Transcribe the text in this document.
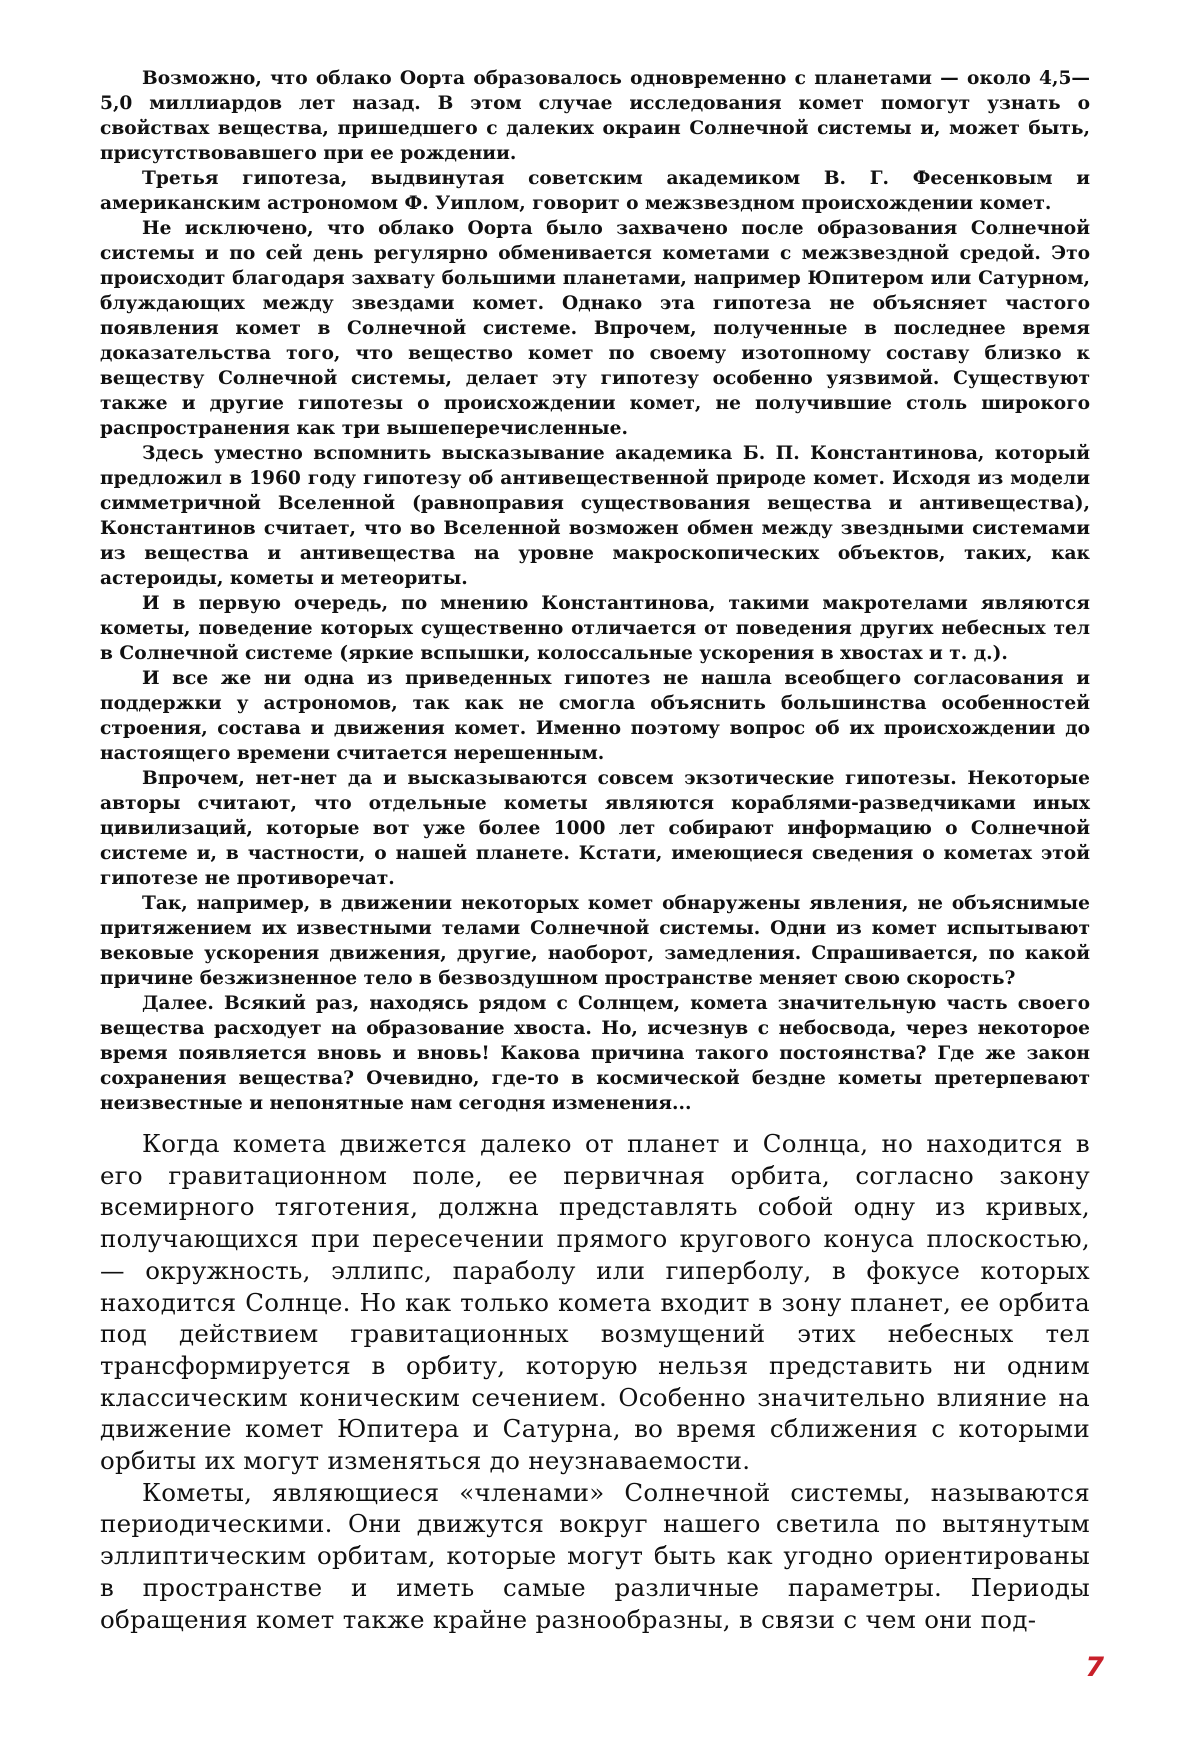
Возможно, что облако Оорта образовалось одновременно с планетами — около 4,5—5,0 миллиардов лет назад. В этом случае исследования комет помогут узнать о свойствах вещества, пришедшего с далеких окраин Солнечной системы и, может быть, присутствовавшего при ее рождении.

Третья гипотеза, выдвинутая советским академиком В. Г. Фесенковым и американским астрономом Ф. Уиплом, говорит о межзвездном происхождении комет.

Не исключено, что облако Оорта было захвачено после образования Солнечной системы и по сей день регулярно обменивается кометами с межзвездной средой. Это происходит благодаря захвату большими планетами, например Юпитером или Сатурном, блуждающих между звездами комет. Однако эта гипотеза не объясняет частого появления комет в Солнечной системе. Впрочем, полученные в последнее время доказательства того, что вещество комет по своему изотопному составу близко к веществу Солнечной системы, делает эту гипотезу особенно уязвимой. Существуют также и другие гипотезы о происхождении комет, не получившие столь широкого распространения как три вышеперечисленные.

Здесь уместно вспомнить высказывание академика Б. П. Константинова, который предложил в 1960 году гипотезу об антивещественной природе комет. Исходя из модели симметричной Вселенной (равноправия существования вещества и антивещества), Константинов считает, что во Вселенной возможен обмен между звездными системами из вещества и антивещества на уровне макроскопических объектов, таких, как астероиды, кометы и метеориты.

И в первую очередь, по мнению Константинова, такими макротелами являются кометы, поведение которых существенно отличается от поведения других небесных тел в Солнечной системе (яркие вспышки, колоссальные ускорения в хвостах и т. д.).

И все же ни одна из приведенных гипотез не нашла всеобщего согласования и поддержки у астрономов, так как не смогла объяснить большинства особенностей строения, состава и движения комет. Именно поэтому вопрос об их происхождении до настоящего времени считается нерешенным.

Впрочем, нет-нет да и высказываются совсем экзотические гипотезы. Некоторые авторы считают, что отдельные кометы являются кораблями-разведчиками иных цивилизаций, которые вот уже более 1000 лет собирают информацию о Солнечной системе и, в частности, о нашей планете. Кстати, имеющиеся сведения о кометах этой гипотезе не противоречат.

Так, например, в движении некоторых комет обнаружены явления, не объяснимые притяжением их известными телами Солнечной системы. Одни из комет испытывают вековые ускорения движения, другие, наоборот, замедления. Спрашивается, по какой причине безжизненное тело в безвоздушном пространстве меняет свою скорость?

Далее. Всякий раз, находясь рядом с Солнцем, комета значительную часть своего вещества расходует на образование хвоста. Но, исчезнув с небосвода, через некоторое время появляется вновь и вновь! Какова причина такого постоянства? Где же закон сохранения вещества? Очевидно, где-то в космической бездне кометы претерпевают неизвестные и непонятные нам сегодня изменения...

Когда комета движется далеко от планет и Солнца, но находится в его гравитационном поле, ее первичная орбита, согласно закону всемирного тяготения, должна представлять собой одну из кривых, получающихся при пересечении прямого кругового конуса плоскостью,— окружность, эллипс, параболу или гиперболу, в фокусе которых находится Солнце. Но как только комета входит в зону планет, ее орбита под действием гравитационных возмущений этих небесных тел трансформируется в орбиту, которую нельзя представить ни одним классическим коническим сечением. Особенно значительно влияние на движение комет Юпитера и Сатурна, во время сближения с которыми орбиты их могут изменяться до неузнаваемости.

Кометы, являющиеся «членами» Солнечной системы, называются периодическими. Они движутся вокруг нашего светила по вытянутым эллиптическим орбитам, которые могут быть как угодно ориентированы в пространстве и иметь самые различные параметры. Периоды обращения комет также крайне разнообразны, в связи с чем они под-

7
